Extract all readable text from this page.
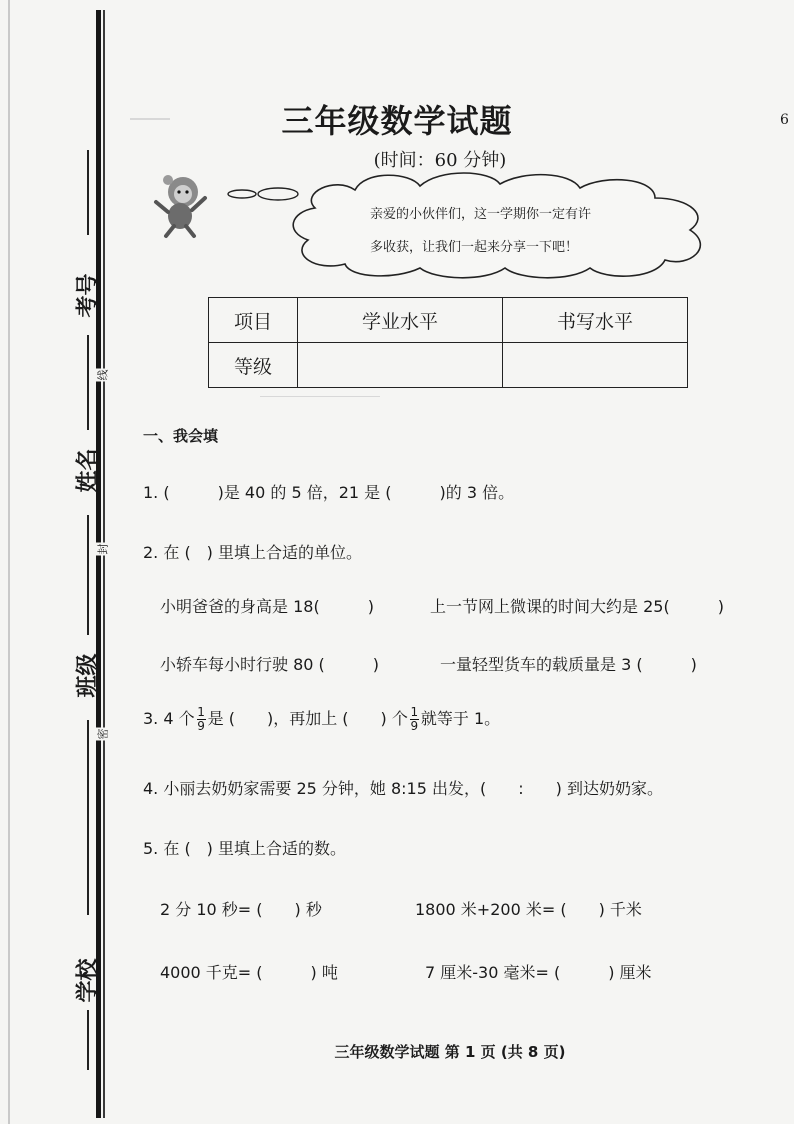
考号
姓名
班级
学校
线
封
密
三年级数学试题
(时间：60 分钟)
6
亲爱的小伙伴们，这一学期你一定有许
多收获，让我们一起来分享一下吧！
项目	学业水平	书写水平
等级		
一、我会填
1. (　　　)是 40 的 5 倍，21 是 (　　　)的 3 倍。
2. 在 (　) 里填上合适的单位。
小明爸爸的身高是 18(　　　)	上一节网上微课的时间大约是 25(　　　)
小轿车每小时行驶 80 (　　　)	一量轻型货车的载质量是 3 (　　　)
3. 4 个 $\frac{1}{9}$ 是 (　　)，再加上 (　　) 个 $\frac{1}{9}$ 就等于 1。
4. 小丽去奶奶家需要 25 分钟，她 8:15 出发，(　　:　　) 到达奶奶家。
5. 在 (　) 里填上合适的数。
2 分 10 秒= (　　) 秒	1800 米+200 米= (　　) 千米
4000 千克= (　　　) 吨	7 厘米-30 毫米= (　　　) 厘米
三年级数学试题 第 1 页 (共 8 页)
